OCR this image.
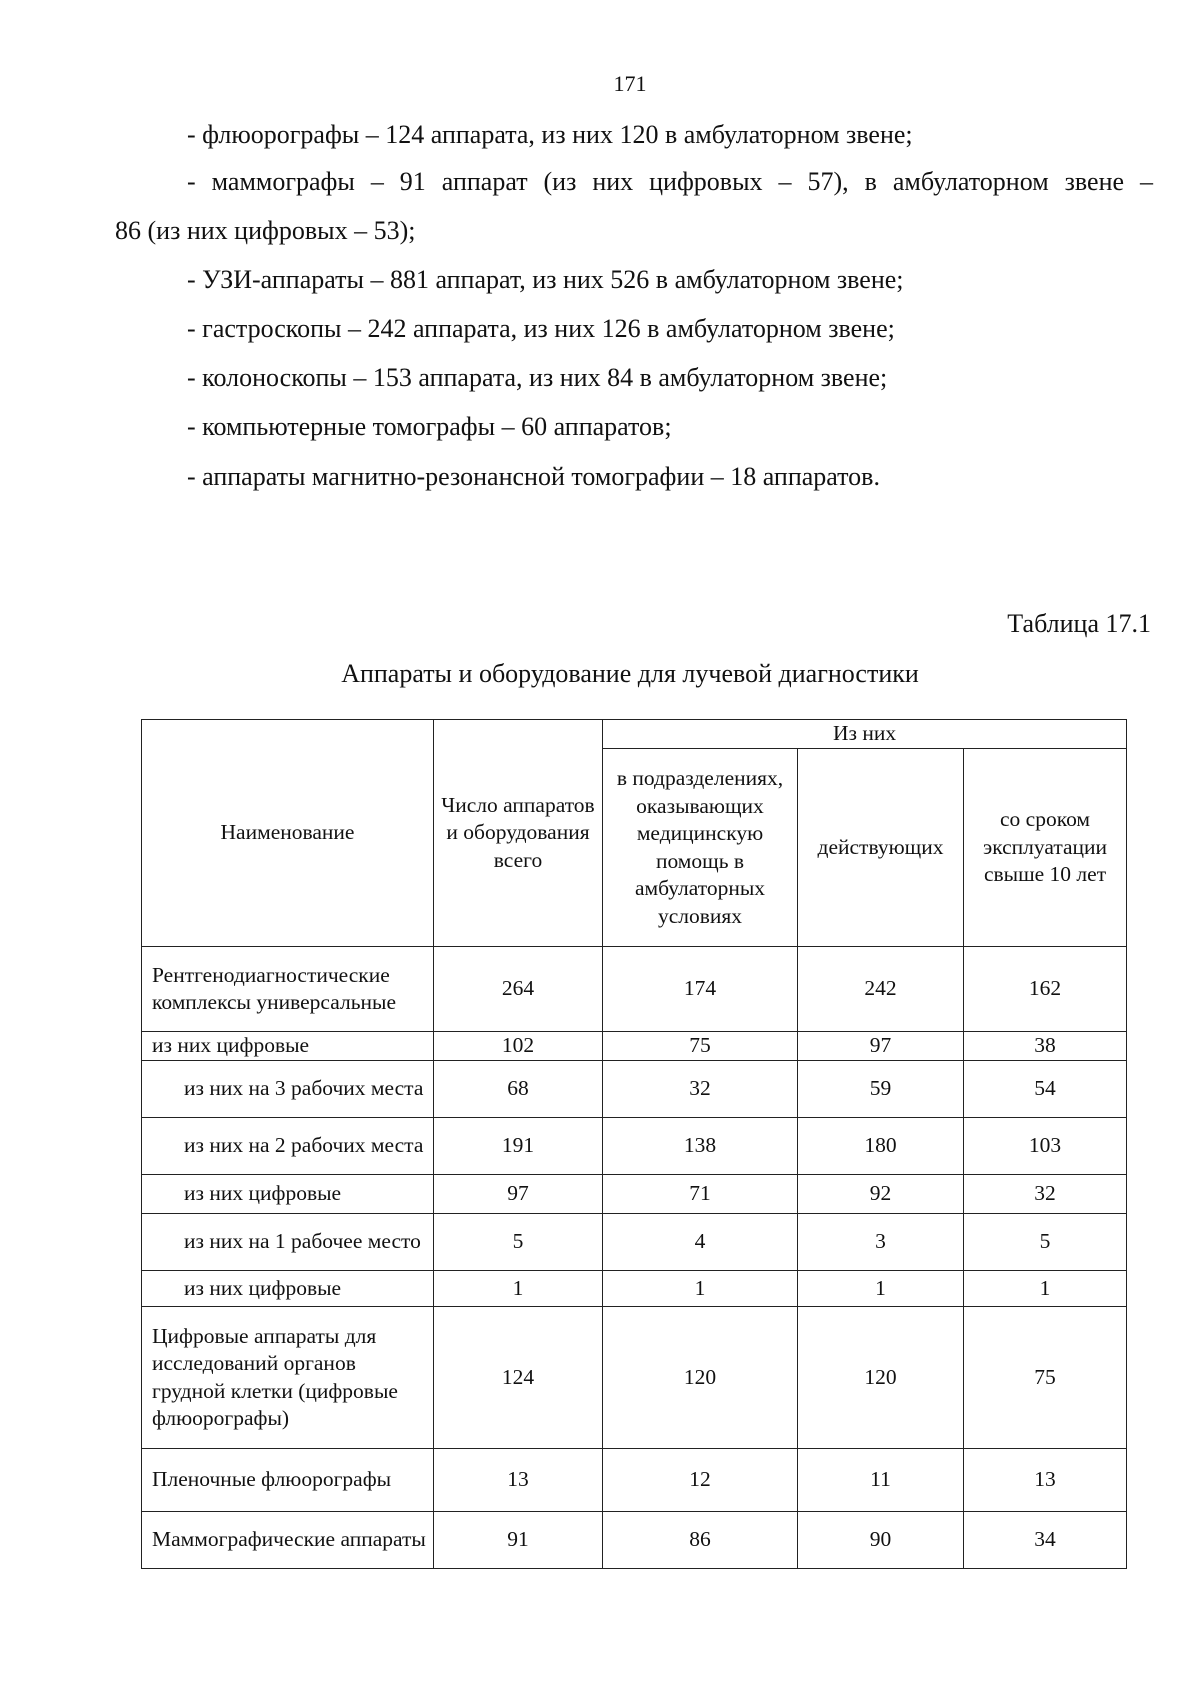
171
- флюорографы – 124 аппарата, из них 120 в амбулаторном звене;
- маммографы – 91 аппарат (из них цифровых – 57), в амбулаторном звене –
86 (из них цифровых – 53);
- УЗИ-аппараты – 881 аппарат, из них 526 в амбулаторном звене;
- гастроскопы – 242 аппарата, из них 126 в амбулаторном звене;
- колоноскопы – 153 аппарата, из них 84 в амбулаторном звене;
- компьютерные томографы – 60 аппаратов;
- аппараты магнитно-резонансной томографии – 18 аппаратов.
Таблица 17.1
Аппараты и оборудование для лучевой диагностики
Наименование	Число аппаратов и оборудования всего	Из них		
		в подразделениях, оказывающих медицинскую помощь в амбулаторных условиях	действующих	со сроком эксплуатации свыше 10 лет
Рентгенодиагностические комплексы универсальные	264	174	242	162
из них цифровые	102	75	97	38
из них на 3 рабочих места	68	32	59	54
из них на 2 рабочих места	191	138	180	103
из них цифровые	97	71	92	32
из них на 1 рабочее место	5	4	3	5
из них цифровые	1	1	1	1
Цифровые аппараты для исследований органов грудной клетки (цифровые флюорографы)	124	120	120	75
Пленочные флюорографы	13	12	11	13
Маммографические аппараты	91	86	90	34
